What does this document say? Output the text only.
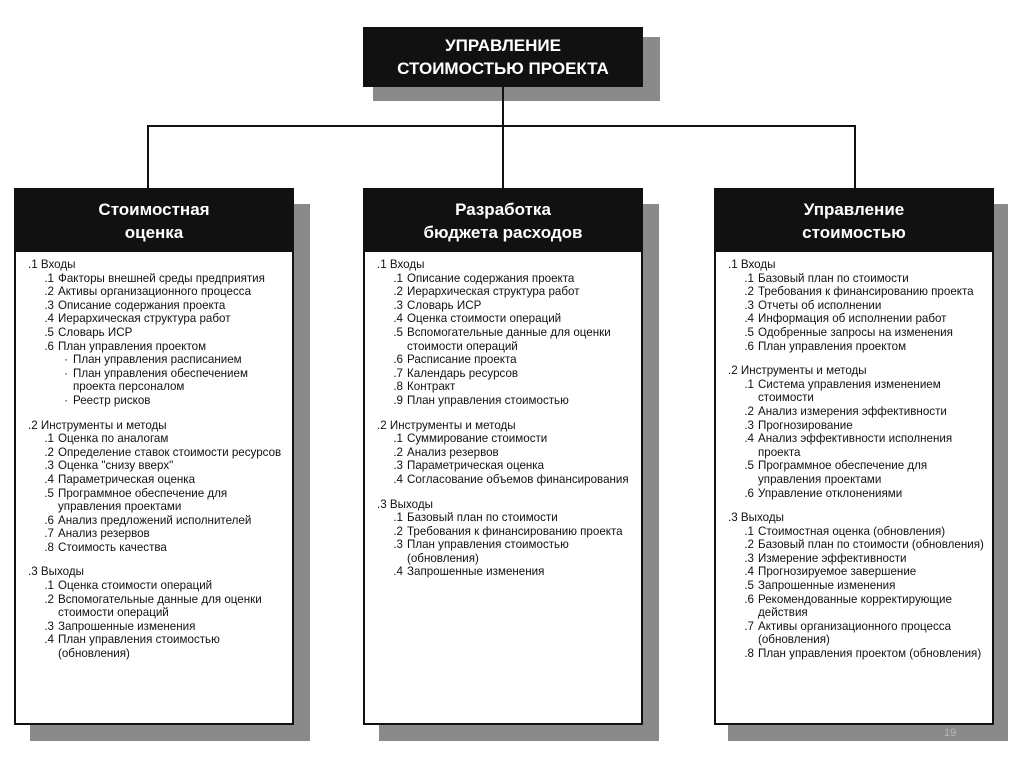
УПРАВЛЕНИЕ
СТОИМОСТЬЮ ПРОЕКТА
Стоимостная
оценка
.1 Входы
.1 Факторы внешней среды предприятия
.2 Активы организационного процесса
.3 Описание содержания проекта
.4 Иерархическая структура работ
.5 Словарь ИСР
.6 План управления проектом
· План управления расписанием
· План управления обеспечением проекта персоналом
· Реестр рисков
.2 Инструменты и методы
.1 Оценка по аналогам
.2 Определение ставок стоимости ресурсов
.3 Оценка "снизу вверх"
.4 Параметрическая оценка
.5 Программное обеспечение для управления проектами
.6 Анализ предложений исполнителей
.7 Анализ резервов
.8 Стоимость качества
.3 Выходы
.1 Оценка стоимости операций
.2 Вспомогательные данные для оценки стоимости операций
.3 Запрошенные изменения
.4 План управления стоимостью (обновления)
Разработка
бюджета расходов
.1 Входы
.1 Описание содержания проекта
.2 Иерархическая структура работ
.3 Словарь ИСР
.4 Оценка стоимости операций
.5 Вспомогательные данные для оценки стоимости операций
.6 Расписание проекта
.7 Календарь ресурсов
.8 Контракт
.9 План управления стоимостью
.2 Инструменты и методы
.1 Суммирование стоимости
.2 Анализ резервов
.3 Параметрическая оценка
.4 Согласование объемов финансирования
.3 Выходы
.1 Базовый план по стоимости
.2 Требования к финансированию проекта
.3 План управления стоимостью (обновления)
.4 Запрошенные изменения
Управление
стоимостью
.1 Входы
.1 Базовый план по стоимости
.2 Требования к финансированию проекта
.3 Отчеты об исполнении
.4 Информация об исполнении работ
.5 Одобренные запросы на изменения
.6 План управления проектом
.2 Инструменты и методы
.1 Система управления изменением стоимости
.2 Анализ измерения эффективности
.3 Прогнозирование
.4 Анализ эффективности исполнения проекта
.5 Программное обеспечение для управления проектами
.6 Управление отклонениями
.3 Выходы
.1 Стоимостная оценка (обновления)
.2 Базовый план по стоимости (обновления)
.3 Измерение эффективности
.4 Прогнозируемое завершение
.5 Запрошенные изменения
.6 Рекомендованные корректирующие действия
.7 Активы организационного процесса (обновления)
.8 План управления проектом (обновления)
19
